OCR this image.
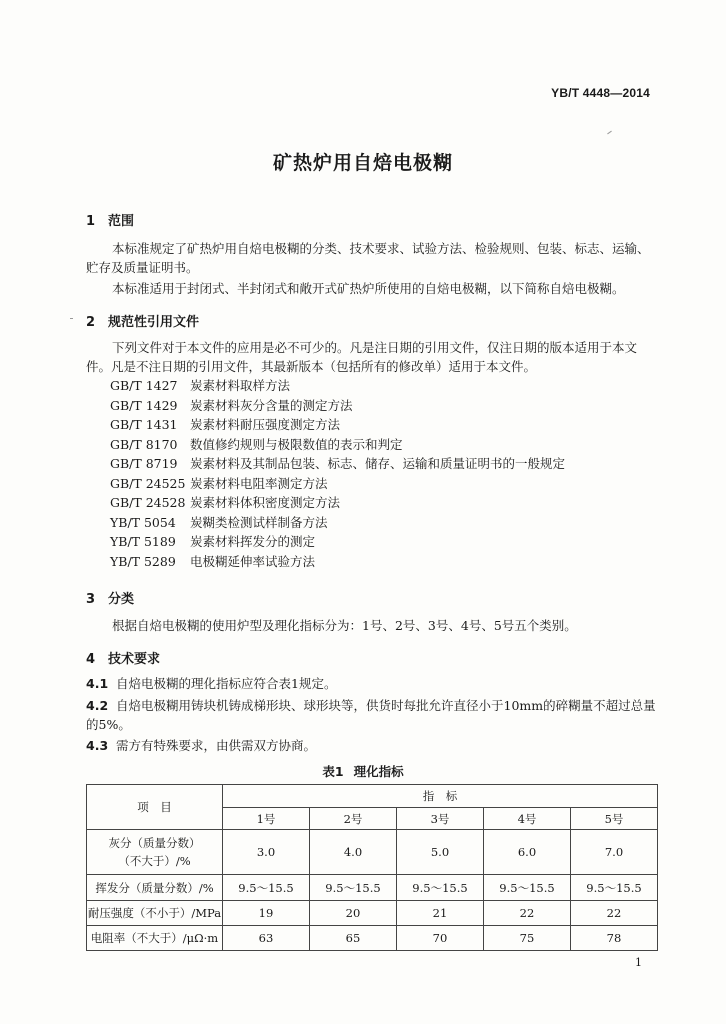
YB/T 4448—2014
矿热炉用自焙电极糊
1 范围
本标准规定了矿热炉用自焙电极糊的分类、技术要求、试验方法、检验规则、包装、标志、运输、贮存及质量证明书。
本标准适用于封闭式、半封闭式和敞开式矿热炉所使用的自焙电极糊，以下简称自焙电极糊。
2 规范性引用文件
下列文件对于本文件的应用是必不可少的。凡是注日期的引用文件，仅注日期的版本适用于本文件。凡是不注日期的引用文件，其最新版本（包括所有的修改单）适用于本文件。
GB/T 1427 炭素材料取样方法
GB/T 1429 炭素材料灰分含量的测定方法
GB/T 1431 炭素材料耐压强度测定方法
GB/T 8170 数值修约规则与极限数值的表示和判定
GB/T 8719 炭素材料及其制品包装、标志、储存、运输和质量证明书的一般规定
GB/T 24525 炭素材料电阻率测定方法
GB/T 24528 炭素材料体积密度测定方法
YB/T 5054 炭糊类检测试样制备方法
YB/T 5189 炭素材料挥发分的测定
YB/T 5289 电极糊延伸率试验方法
3 分类
根据自焙电极糊的使用炉型及理化指标分为：1号、2号、3号、4号、5号五个类别。
4 技术要求
4.1 自焙电极糊的理化指标应符合表1规定。
4.2 自焙电极糊用铸块机铸成梯形块、球形块等，供货时每批允许直径小于10mm的碎糊量不超过总量的5%。
4.3 需方有特殊要求，由供需双方协商。
表1 理化指标
项　目	指　标				
	1号	2号	3号	4号	5号

灰分（质量分数）
（不大于）/%	3.0	4.0	5.0	6.0	7.0
挥发分（质量分数）/%	9.5～15.5	9.5～15.5	9.5～15.5	9.5～15.5	9.5～15.5
耐压强度（不小于）/MPa	19	20	21	22	22
电阻率（不大于）/μΩ·m	63	65	70	75	78
1
